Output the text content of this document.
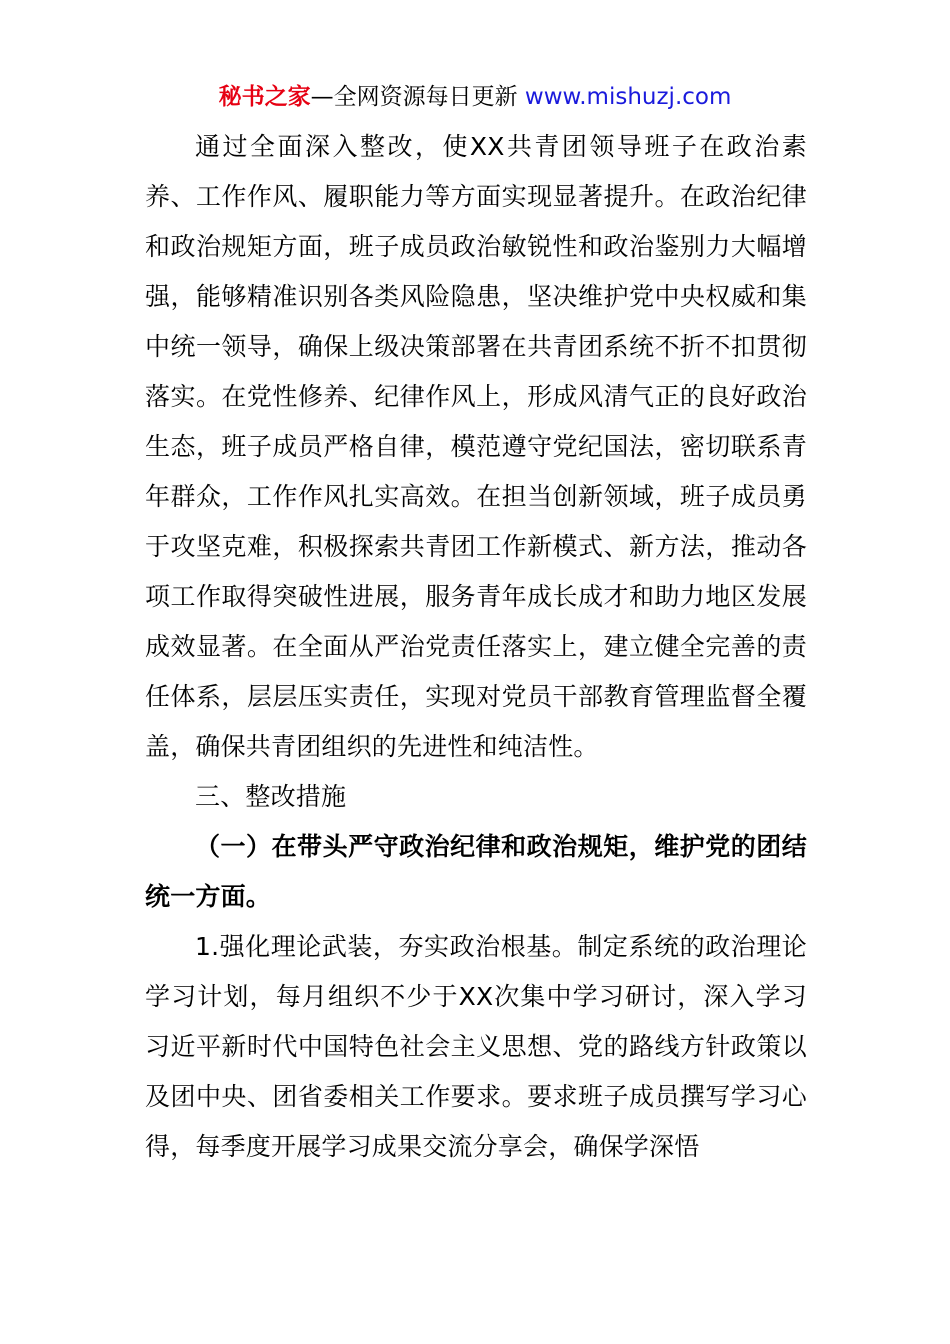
秘书之家—全网资源每日更新 www.mishuzj.com

通过全面深入整改，使XX共青团领导班子在政治素养、工作作风、履职能力等方面实现显著提升。在政治纪律和政治规矩方面，班子成员政治敏锐性和政治鉴别力大幅增强，能够精准识别各类风险隐患，坚决维护党中央权威和集中统一领导，确保上级决策部署在共青团系统不折不扣贯彻落实。在党性修养、纪律作风上，形成风清气正的良好政治生态，班子成员严格自律，模范遵守党纪国法，密切联系青年群众，工作作风扎实高效。在担当创新领域，班子成员勇于攻坚克难，积极探索共青团工作新模式、新方法，推动各项工作取得突破性进展，服务青年成长成才和助力地区发展成效显著。在全面从严治党责任落实上，建立健全完善的责任体系，层层压实责任，实现对党员干部教育管理监督全覆盖，确保共青团组织的先进性和纯洁性。

三、整改措施

（一）在带头严守政治纪律和政治规矩，维护党的团结统一方面。

1.强化理论武装，夯实政治根基。制定系统的政治理论学习计划，每月组织不少于XX次集中学习研讨，深入学习习近平新时代中国特色社会主义思想、党的路线方针政策以及团中央、团省委相关工作要求。要求班子成员撰写学习心得，每季度开展学习成果交流分享会，确保学深悟
